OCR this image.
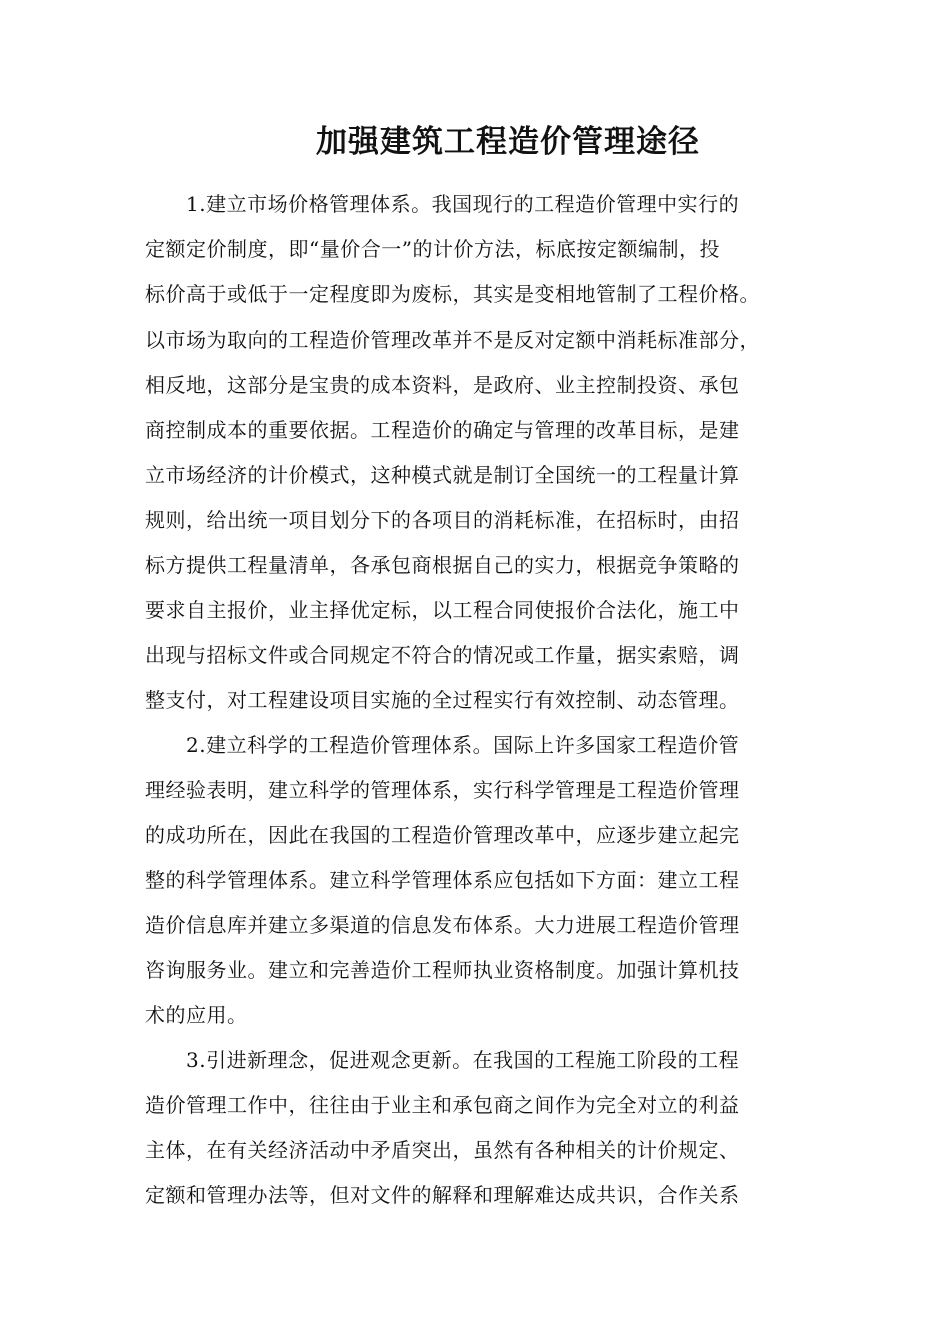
加强建筑工程造价管理途径
1.建立市场价格管理体系。我国现行的工程造价管理中实行的
定额定价制度，即“量价合一”的计价方法，标底按定额编制，投
标价高于或低于一定程度即为废标，其实是变相地管制了工程价格。
以市场为取向的工程造价管理改革并不是反对定额中消耗标准部分，
相反地，这部分是宝贵的成本资料，是政府、业主控制投资、承包
商控制成本的重要依据。工程造价的确定与管理的改革目标，是建
立市场经济的计价模式，这种模式就是制订全国统一的工程量计算
规则，给出统一项目划分下的各项目的消耗标准，在招标时，由招
标方提供工程量清单，各承包商根据自己的实力，根据竞争策略的
要求自主报价，业主择优定标，以工程合同使报价合法化，施工中
出现与招标文件或合同规定不符合的情况或工作量，据实索赔，调
整支付，对工程建设项目实施的全过程实行有效控制、动态管理。
2.建立科学的工程造价管理体系。国际上许多国家工程造价管
理经验表明，建立科学的管理体系，实行科学管理是工程造价管理
的成功所在，因此在我国的工程造价管理改革中，应逐步建立起完
整的科学管理体系。建立科学管理体系应包括如下方面：建立工程
造价信息库并建立多渠道的信息发布体系。大力进展工程造价管理
咨询服务业。建立和完善造价工程师执业资格制度。加强计算机技
术的应用。
3.引进新理念，促进观念更新。在我国的工程施工阶段的工程
造价管理工作中，往往由于业主和承包商之间作为完全对立的利益
主体，在有关经济活动中矛盾突出，虽然有各种相关的计价规定、
定额和管理办法等，但对文件的解释和理解难达成共识，合作关系
